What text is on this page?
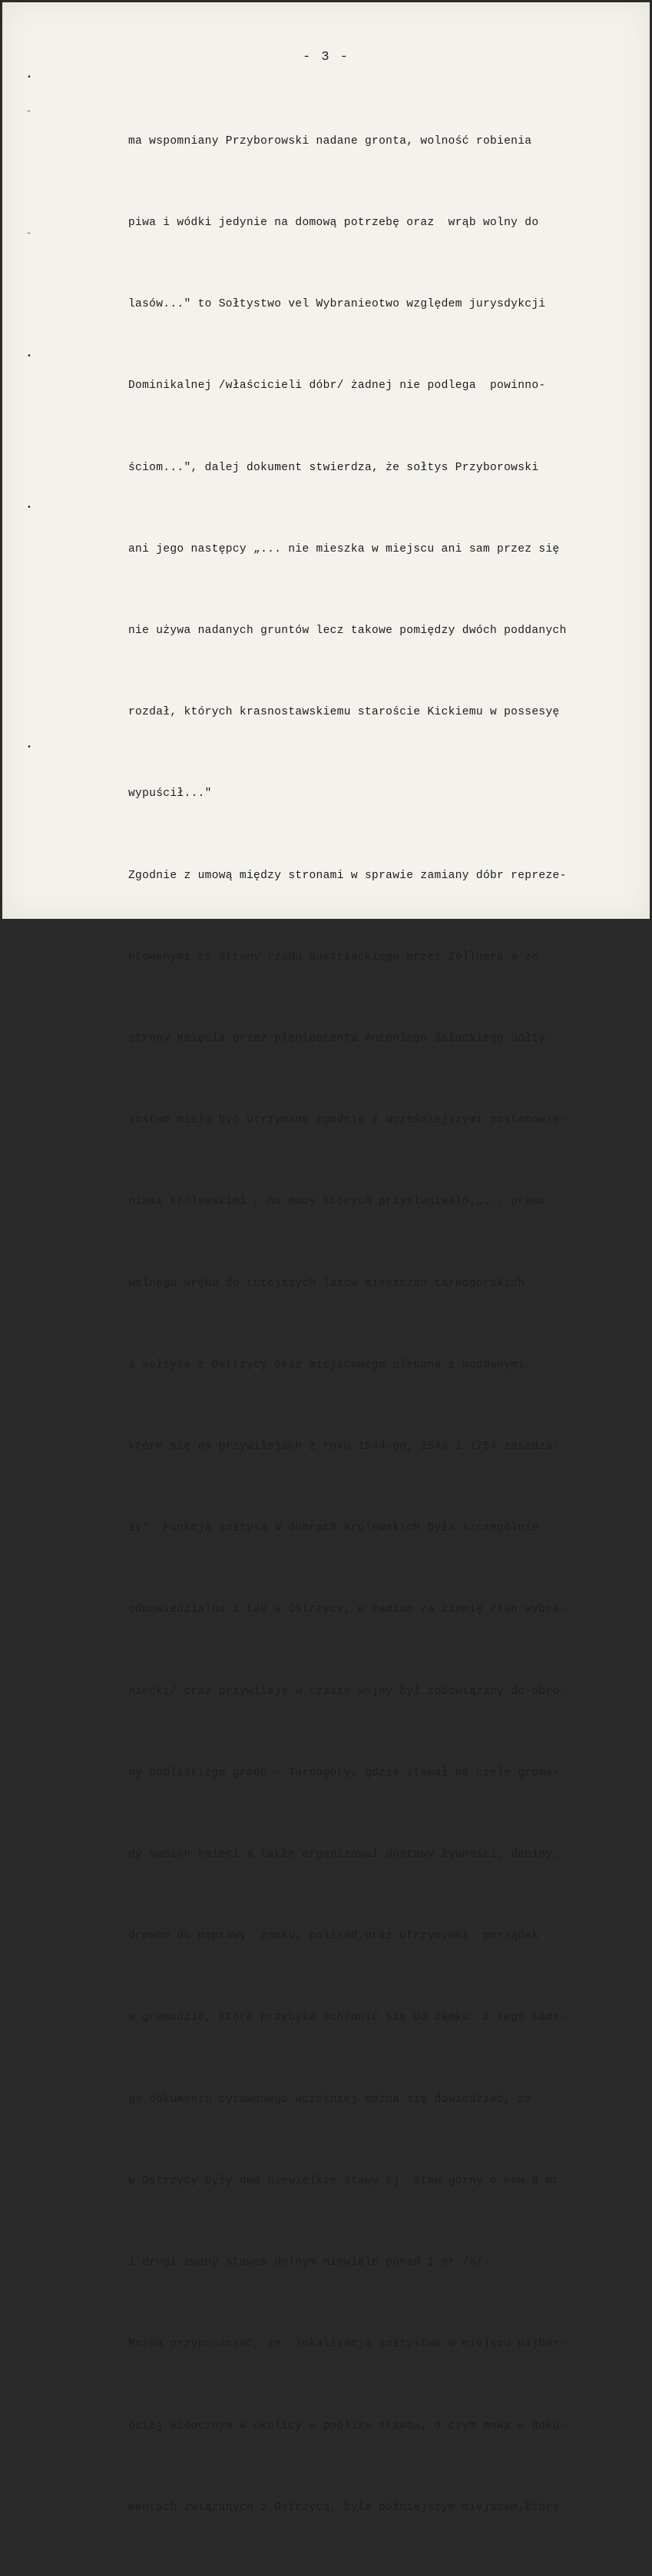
- 3 -
•
–
–
•
•
•

ma wspomniany Przyborowski nadane gronta, wolność robienia

piwa i wódki jedynie na domową potrzebę oraz  wrąb wolny do

lasów..." to Sołtystwo vel Wybranieotwo względem jurysdykcji

Dominikalnej /właścicieli dóbr/ żadnej nie podlega  powinno-

ściom...", dalej dokument stwierdza, że sołtys Przyborowski

ani jego następcy „... nie mieszka w miejscu ani sam przez się

nie używa nadanych gruntów lecz takowe pomiędzy dwóch poddanych

rozdał, których krasnostawskiemu staroście Kickiemu w possesyę

wypuścił..."

Zgodnie z umową między stronami w sprawie zamiany dóbr repreze-

ntowanymi ze strony rządu austriackiego przez Zollnera a ze

strony Księcia przez plenipotenta Antoniego Sałackiego Sołty-

sostwo miało być utrzymane zgodnie z wcześniejszymi postanowie-

niami królewskimi , na mocy których przysługiwało;„... prawo

wolnego wrębu do tutejszych lasów mieszczan tarnogórskich

i sołtysa z Ostrzycy oraz miejscowego plebana z poddanymi,

które się na przywilejach z roku 1544-go, 1548 i 1754 zasadza-

ły". Funkcja sołtysa w dobrach królewskich była szczególnie

odpowiedzialna i tak w Ostrzycy, w zamian za ziemię /łan wybra-

niecki/ oraz przywileje w czasie wojny był zobowiązany do obro-

ny pobliskiego grodu - Tarnogóry, gdzie stawał na czele groma-

dy swoich kmieci a także organizował dostawy żywności, daniny,

drewno do naprawy  zamku, polisad,oraz utrzymywał  porządek

w gromadzie, która przybyła schronić się do zamku. Z tego same-

go dokumentu cytowanego wcześniej można się dowiedzieć, że

w Ostrzycy były dwa niewielkie stawy tj. Staw górny o pow.8 mr

i drugi zwany stawem dolnym niewiele ponad 1 mr /5/.

Można przypuszczać, że  lokalizacja sołtystwa w miejscu najbar-

dziej widocznym w okolicy w pobliżu stawów, o czym mowa w doku-

mentach związanych z Ostrzycą, była późniejszym miejscem,które
